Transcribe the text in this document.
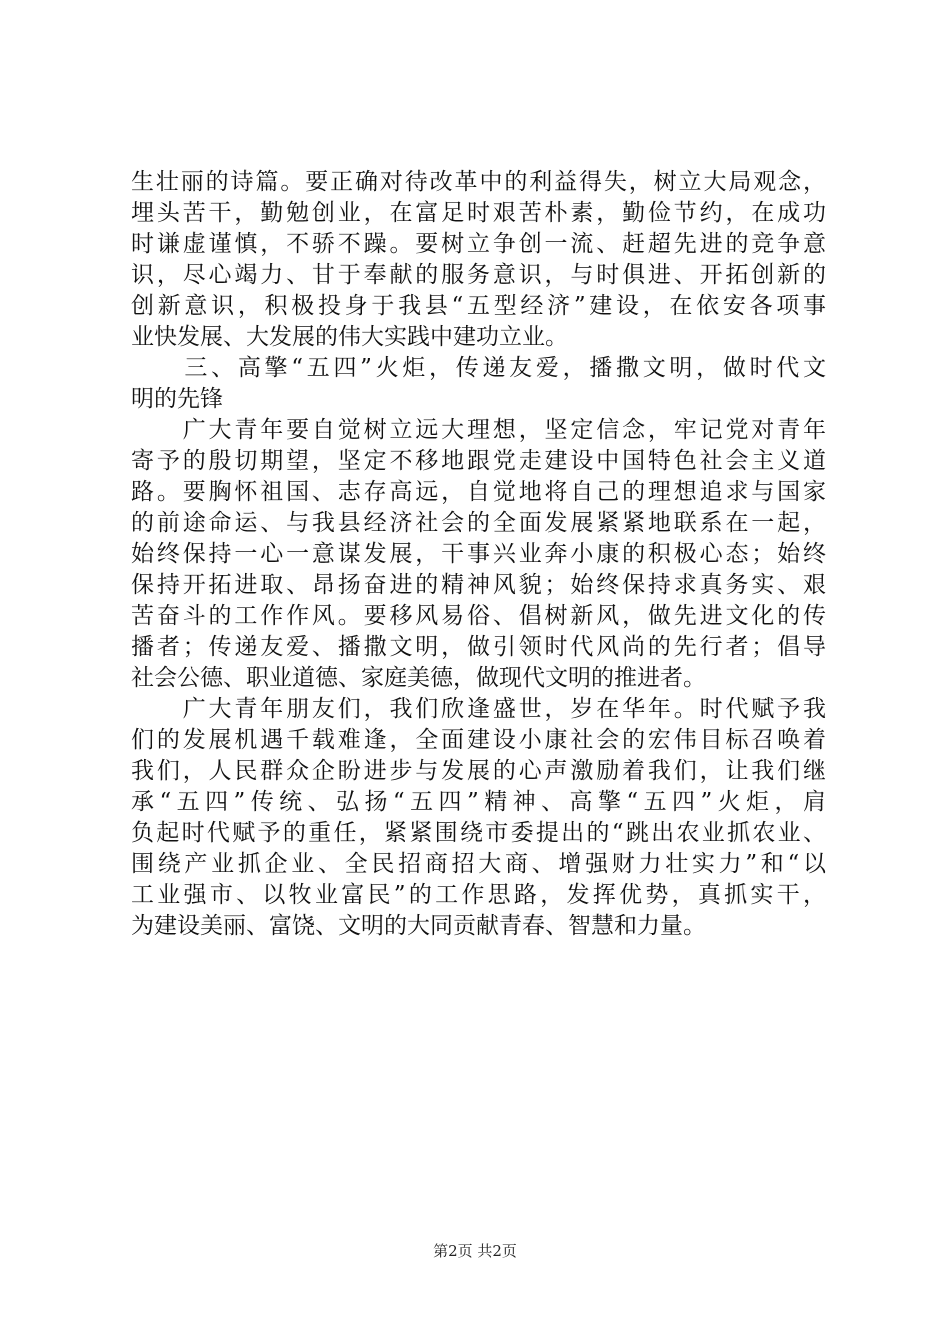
生壮丽的诗篇。要正确对待改革中的利益得失，树立大局观念，
埋头苦干，勤勉创业，在富足时艰苦朴素，勤俭节约，在成功
时谦虚谨慎，不骄不躁。要树立争创一流、赶超先进的竞争意
识，尽心竭力、甘于奉献的服务意识，与时俱进、开拓创新的
创新意识，积极投身于我县“五型经济”建设，在依安各项事
业快发展、大发展的伟大实践中建功立业。
　　三、高擎“五四”火炬，传递友爱，播撒文明，做时代文
明的先锋
　　广大青年要自觉树立远大理想，坚定信念，牢记党对青年
寄予的殷切期望，坚定不移地跟党走建设中国特色社会主义道
路。要胸怀祖国、志存高远，自觉地将自己的理想追求与国家
的前途命运、与我县经济社会的全面发展紧紧地联系在一起，
始终保持一心一意谋发展，干事兴业奔小康的积极心态；始终
保持开拓进取、昂扬奋进的精神风貌；始终保持求真务实、艰
苦奋斗的工作作风。要移风易俗、倡树新风，做先进文化的传
播者；传递友爱、播撒文明，做引领时代风尚的先行者；倡导
社会公德、职业道德、家庭美德，做现代文明的推进者。
　　广大青年朋友们，我们欣逢盛世，岁在华年。时代赋予我
们的发展机遇千载难逢，全面建设小康社会的宏伟目标召唤着
我们，人民群众企盼进步与发展的心声激励着我们，让我们继
承“五四”传统、弘扬“五四”精神、高擎“五四”火炬，肩
负起时代赋予的重任，紧紧围绕市委提出的“跳出农业抓农业、
围绕产业抓企业、全民招商招大商、增强财力壮实力”和“以
工业强市、以牧业富民”的工作思路，发挥优势，真抓实干，
为建设美丽、富饶、文明的大同贡献青春、智慧和力量。
第2页 共2页
